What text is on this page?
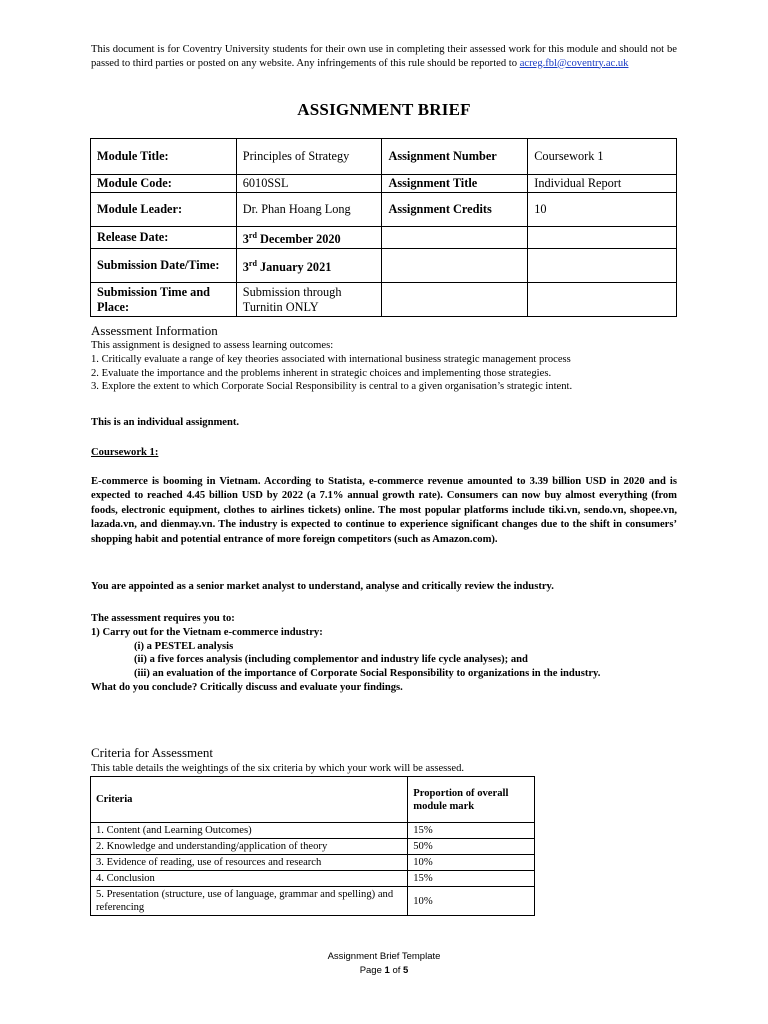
This document is for Coventry University students for their own use in completing their assessed work for this module and should not be passed to third parties or posted on any website. Any infringements of this rule should be reported to acreg.fbl@coventry.ac.uk
ASSIGNMENT BRIEF
Module Title:	Principles of Strategy	Assignment Number	Coursework 1
Module Code:	6010SSL	Assignment Title	Individual Report
Module Leader:	Dr. Phan Hoang Long	Assignment Credits	10
Release Date:	3rd December 2020		
Submission Date/Time:	3rd January 2021		
Submission Time and Place:	Submission through Turnitin ONLY		
Assessment Information
This assignment is designed to assess learning outcomes:
1. Critically evaluate a range of key theories associated with international business strategic management process
2. Evaluate the importance and the problems inherent in strategic choices and implementing those strategies.
3. Explore the extent to which Corporate Social Responsibility is central to a given organisation’s strategic intent.
This is an individual assignment.
Coursework 1:
E-commerce is booming in Vietnam. According to Statista, e-commerce revenue amounted to 3.39 billion USD in 2020 and is expected to reached 4.45 billion USD by 2022 (a 7.1% annual growth rate). Consumers can now buy almost everything (from foods, electronic equipment, clothes to airlines tickets) online. The most popular platforms include tiki.vn, sendo.vn, shopee.vn, lazada.vn, and dienmay.vn. The industry is expected to continue to experience significant changes due to the shift in consumers’ shopping habit and potential entrance of more foreign competitors (such as Amazon.com).
You are appointed as a senior market analyst to understand, analyse and critically review the industry.
The assessment requires you to:
1) Carry out for the Vietnam e-commerce industry:
(i) a PESTEL analysis
(ii) a five forces analysis (including complementor and industry life cycle analyses); and
(iii) an evaluation of the importance of Corporate Social Responsibility to organizations in the industry.
What do you conclude? Critically discuss and evaluate your findings.
Criteria for Assessment
This table details the weightings of the six criteria by which your work will be assessed.
Criteria	Proportion of overall module mark
1. Content (and Learning Outcomes)	15%
2. Knowledge and understanding/application of theory	50%
3. Evidence of reading, use of resources and research	10%
4. Conclusion	15%
5. Presentation (structure, use of language, grammar and spelling) and referencing	10%
Assignment Brief Template
Page 1 of 5
